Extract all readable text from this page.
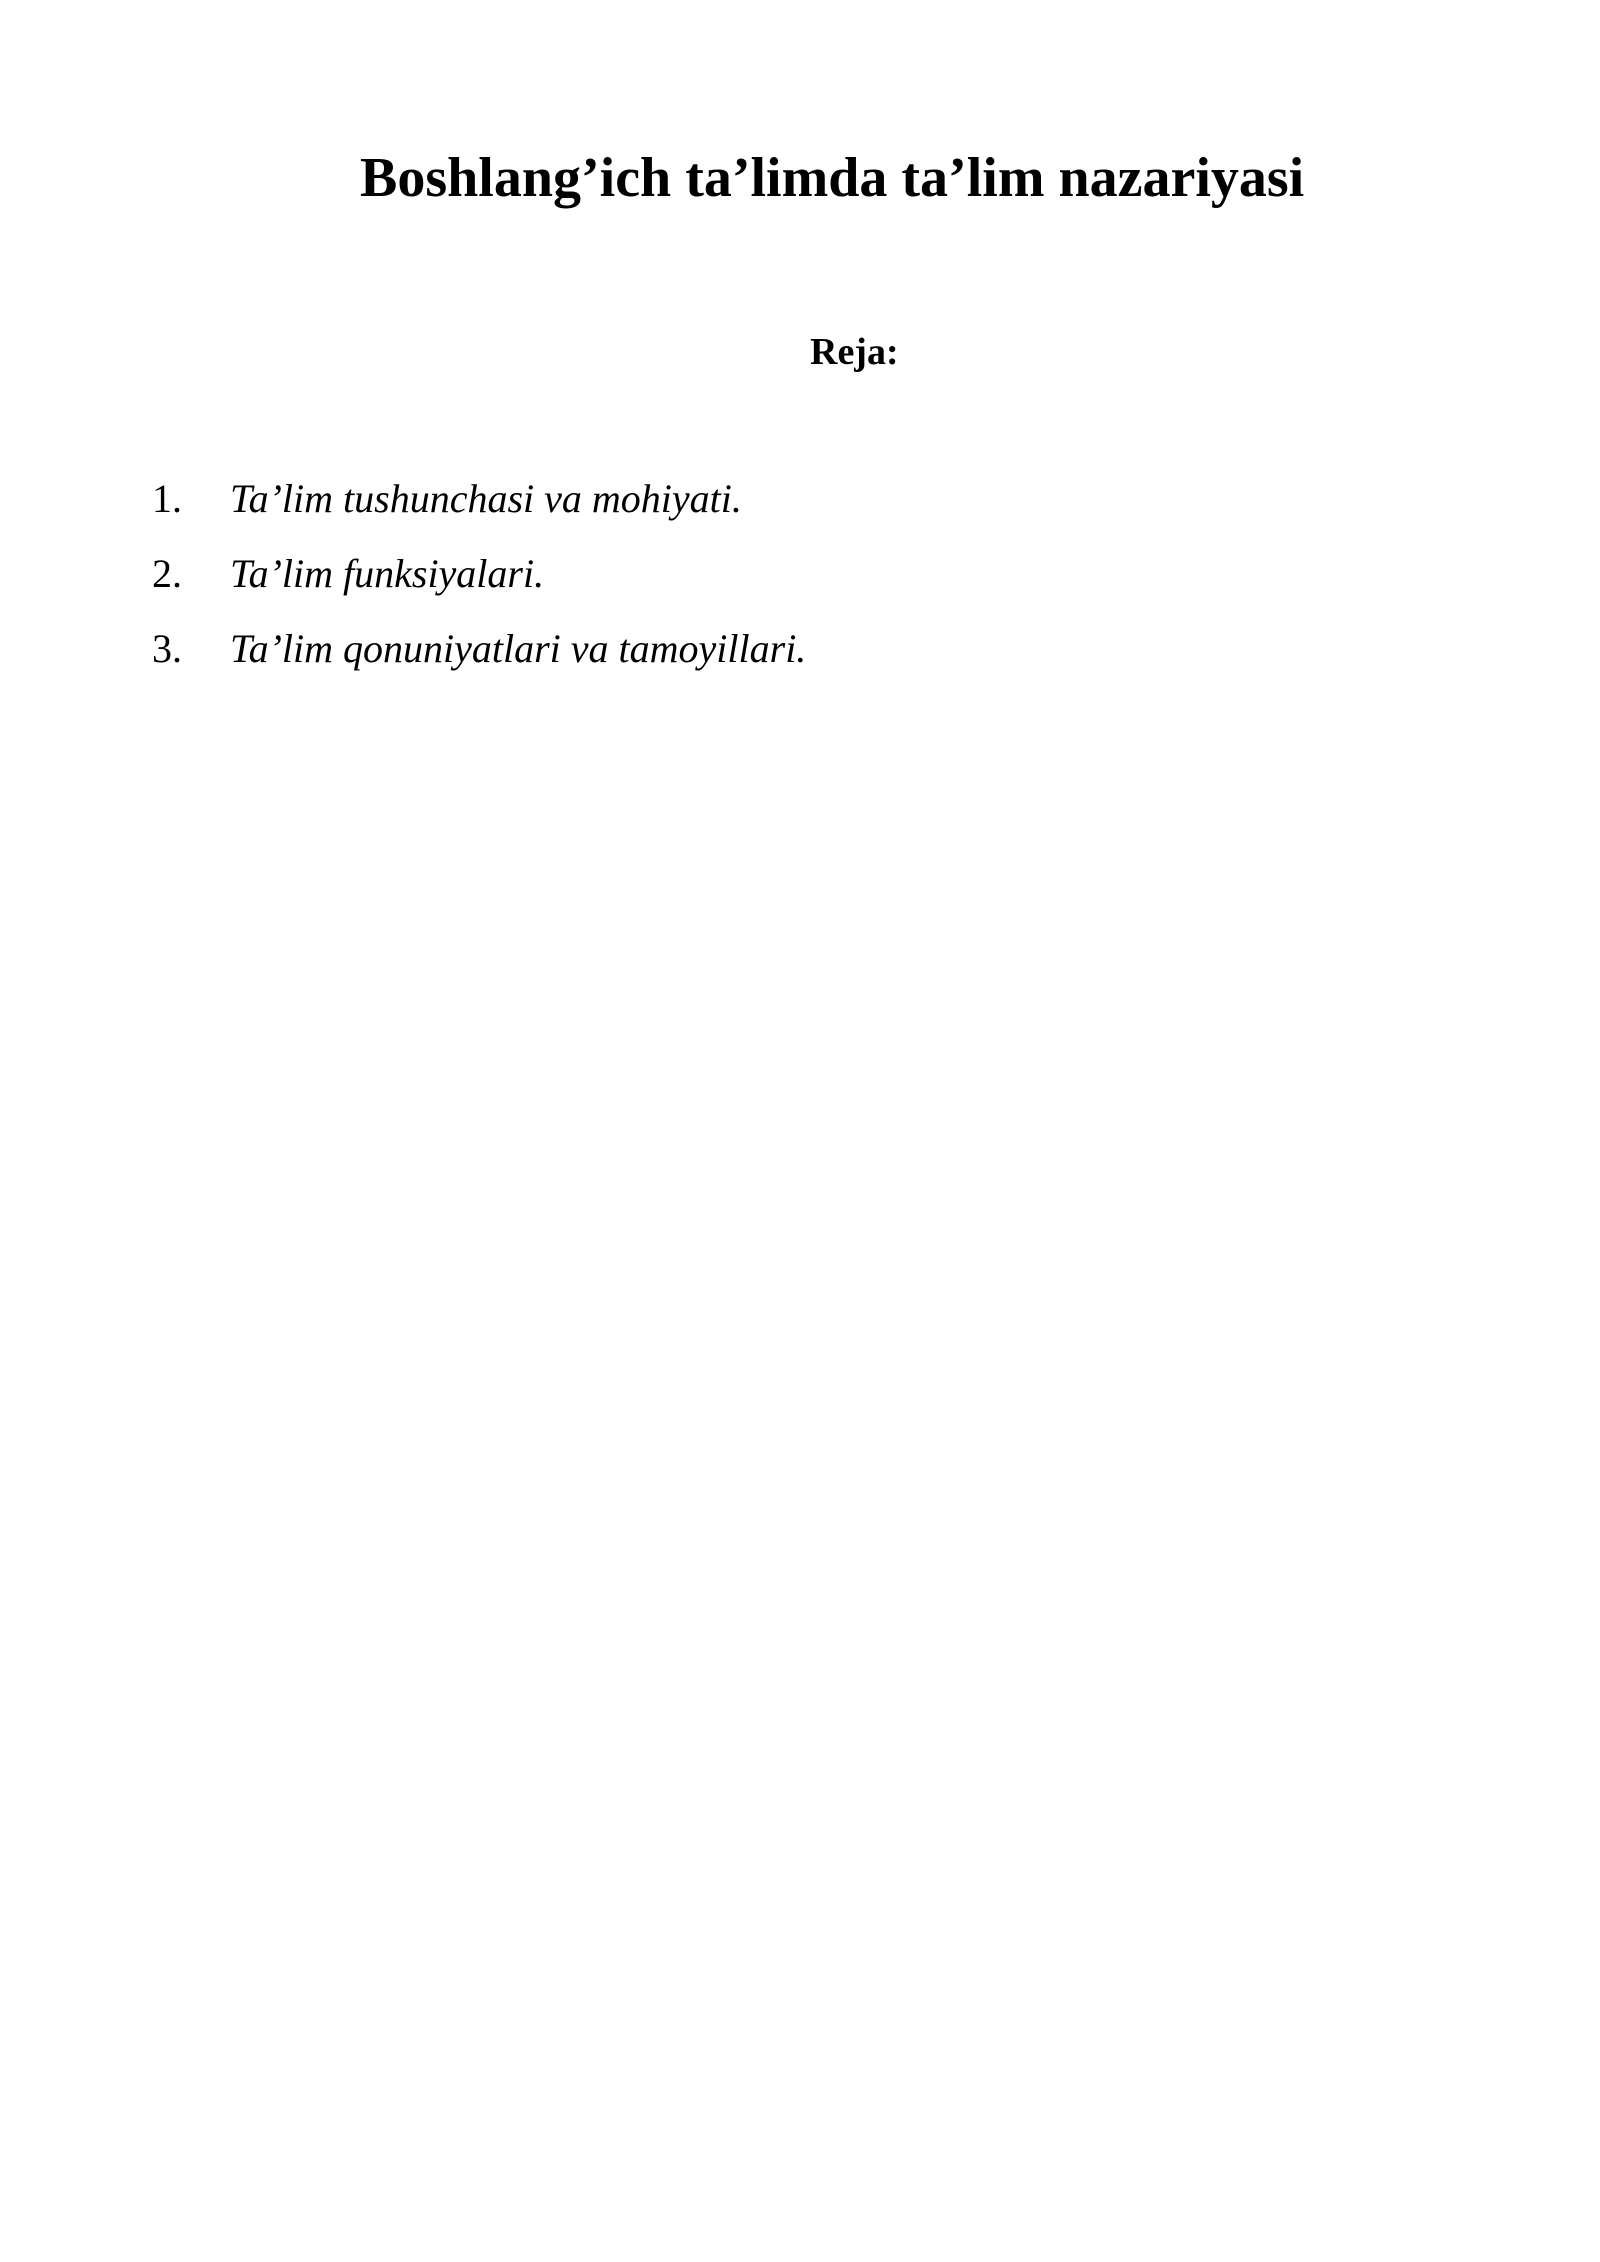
Boshlang’ich ta’limda ta’lim nazariyasi
Reja:
1. Ta’lim tushunchasi va mohiyati.
2. Ta’lim funksiyalari.
3. Ta’lim qonuniyatlari va tamoyillari.
